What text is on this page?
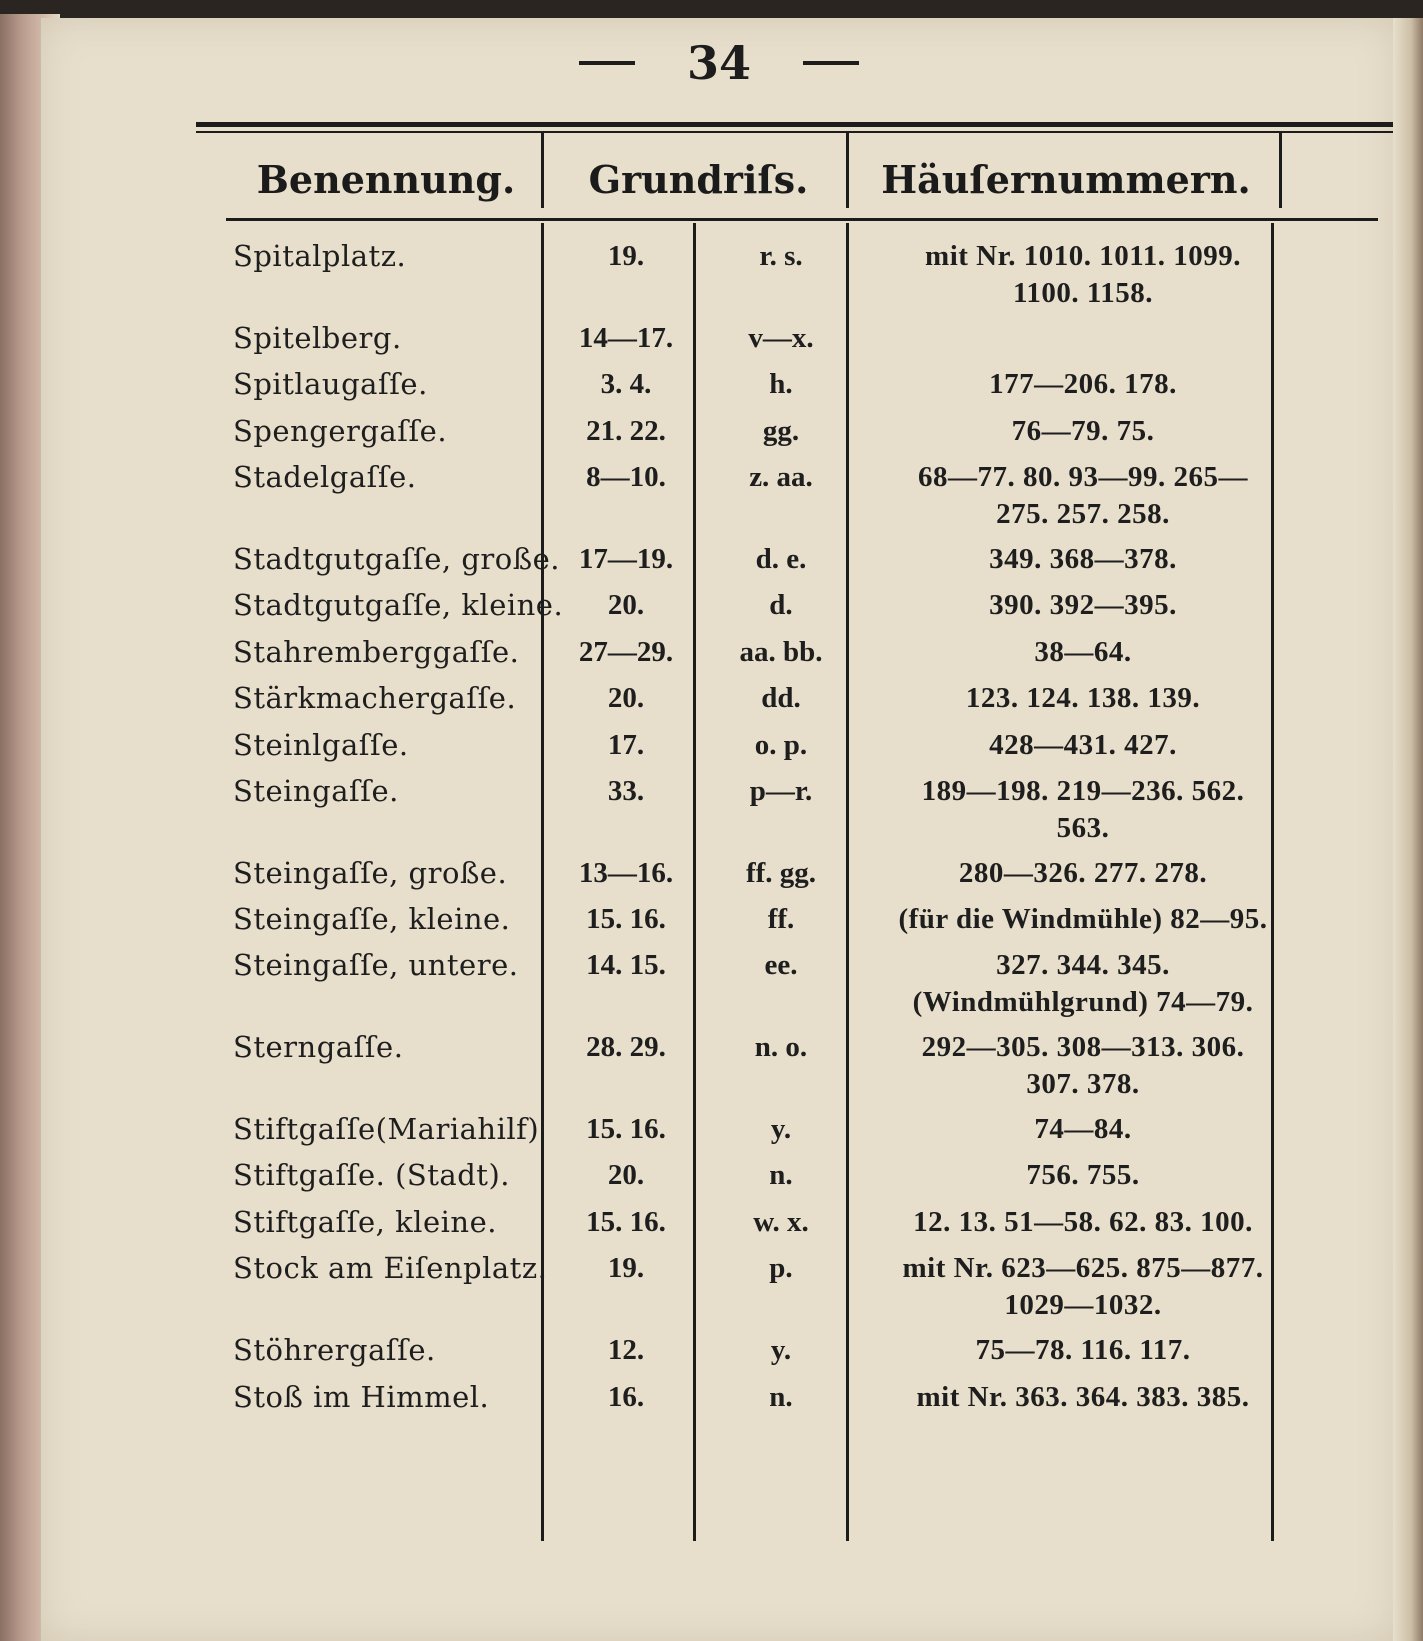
34
Benennung.	Grundriſs.	Häuſernummern.
Spitalplatz.	19.	r. s.	mit Nr. 1010. 1011. 1099.
1100. 1158.
Spitelberg.	14—17.	v—x.
Spitlaugaſſe.	3. 4.	h.	177—206. 178.
Spengergaſſe.	21. 22.	gg.	76—79. 75.
Stadelgaſſe.	8—10.	z. aa.	68—77. 80. 93—99. 265—
275. 257. 258.
Stadtgutgaſſe, große. 17—19.	d. e.	349. 368—378.
Stadtgutgaſſe, kleine.	20.	d.	390. 392—395.
Stahremberggaſſe.	27—29.	aa. bb.	38—64.
Stärkmachergaſſe.	20.	dd.	123. 124. 138. 139.
Steinlgaſſe.	17.	o. p.	428—431. 427.
Steingaſſe.	33.	p—r.	189—198. 219—236. 562.
563.
Steingaſſe, große.	13—16.	ff. gg.	280—326. 277. 278.
Steingaſſe, kleine.	15. 16.	ff.	(für die Windmühle) 82—95.
Steingaſſe, untere.	14. 15.	ee.	327. 344. 345.
(Windmühlgrund) 74—79.
Sterngaſſe.	28. 29.	n. o.	292—305. 308—313. 306.
307. 378.
Stiftgaſſe(Mariahilf)	15. 16.	y.	74—84.
Stiftgaſſe. (Stadt).	20.	n.	756. 755.
Stiftgaſſe, kleine.	15. 16.	w. x.	12. 13. 51—58. 62. 83. 100.
Stock am Eiſenplatz.	19.	p.	mit Nr. 623—625. 875—877.
1029—1032.
Stöhrergaſſe.	12.	y.	75—78. 116. 117.
Stoß im Himmel.	16.	n.	mit Nr. 363. 364. 383. 385.
